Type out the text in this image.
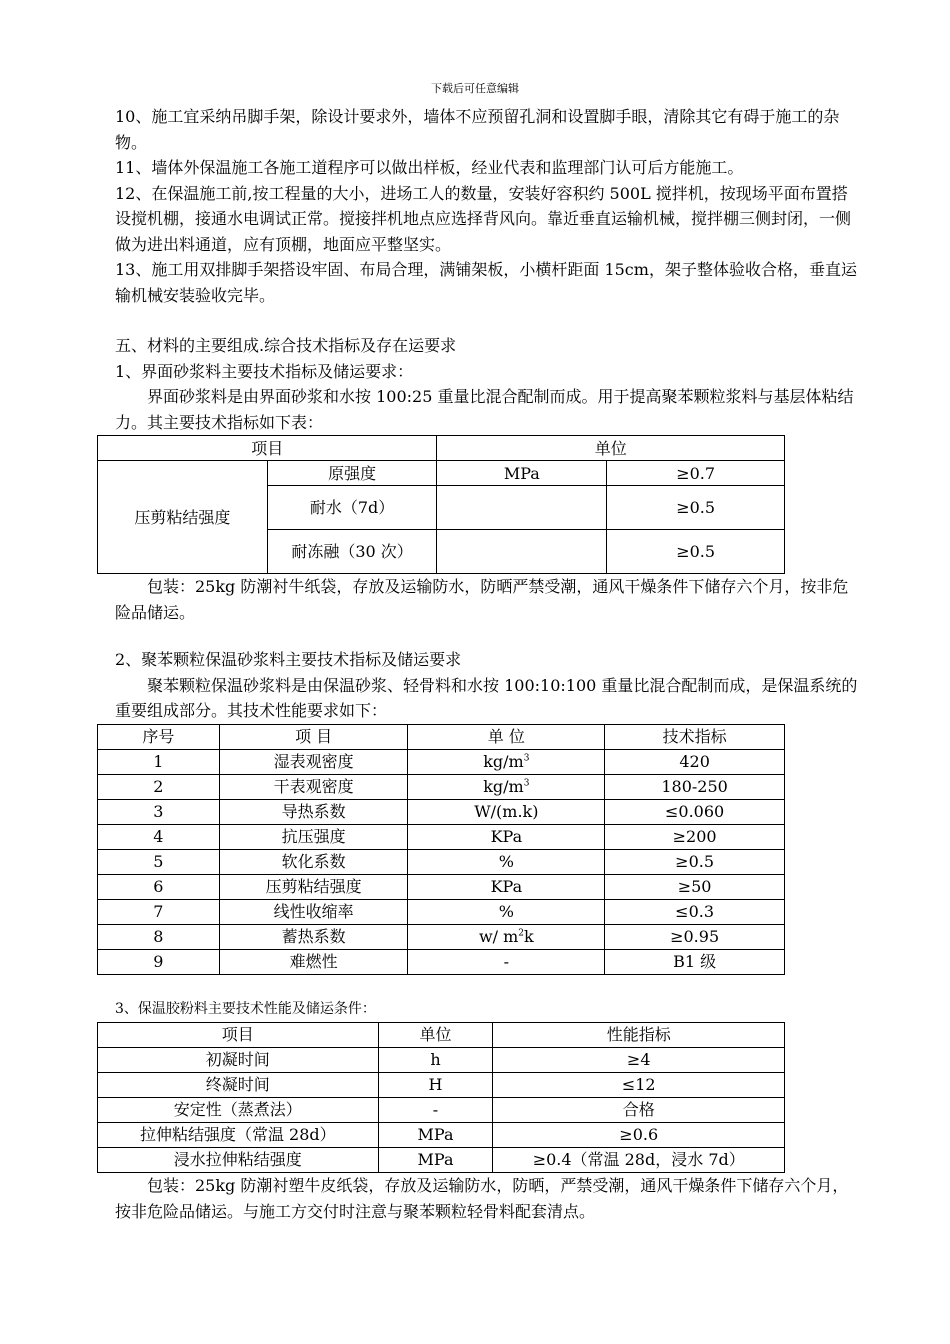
下载后可任意编辑

10、施工宜采纳吊脚手架，除设计要求外，墙体不应预留孔洞和设置脚手眼，清除其它有碍于施工的杂物。

11、墙体外保温施工各施工道程序可以做出样板，经业代表和监理部门认可后方能施工。

12、在保温施工前,按工程量的大小，进场工人的数量，安装好容积约 500L 搅拌机，按现场平面布置搭设搅机棚，接通水电调试正常。搅接拌机地点应选择背风向。靠近垂直运输机械，搅拌棚三侧封闭，一侧做为进出料通道，应有顶棚，地面应平整坚实。

13、施工用双排脚手架搭设牢固、布局合理，满铺架板，小横杆距面 15cm，架子整体验收合格，垂直运输机械安装验收完毕。

五、材料的主要组成.综合技术指标及存在运要求

1、界面砂浆料主要技术指标及储运要求：

界面砂浆料是由界面砂浆和水按 100:25 重量比混合配制而成。用于提高聚苯颗粒浆料与基层体粘结力。其主要技术指标如下表：

项目		单位	
压剪粘结强度	原强度	MPa	≥0.7
	耐水（7d）		≥0.5
	耐冻融（30 次）		≥0.5

包装：25kg 防潮衬牛纸袋，存放及运输防水，防晒严禁受潮，通风干燥条件下储存六个月，按非危险品储运。

2、聚苯颗粒保温砂浆料主要技术指标及储运要求

聚苯颗粒保温砂浆料是由保温砂浆、轻骨料和水按 100:10:100 重量比混合配制而成，是保温系统的重要组成部分。其技术性能要求如下：

序号	项 目	单 位	技术指标
1	湿表观密度	$kg/m^3$	420
2	干表观密度	$kg/m^3$	180-250
3	导热系数	W/(m.k)	≤0.060
4	抗压强度	KPa	≥200
5	软化系数	%	≥0.5
6	压剪粘结强度	KPa	≥50
7	线性收缩率	%	≤0.3
8	蓄热系数	w/ $m^2k$	≥0.95
9	难燃性	-	B1 级

3、保温胶粉料主要技术性能及储运条件：

项目	单位	性能指标
初凝时间	h	≥4
终凝时间	H	≤12
安定性（蒸煮法）	-	合格
拉伸粘结强度（常温 28d）	MPa	≥0.6
浸水拉伸粘结强度	MPa	≥0.4（常温 28d，浸水 7d）

包装：25kg 防潮衬塑牛皮纸袋，存放及运输防水，防晒，严禁受潮，通风干燥条件下储存六个月，按非危险品储运。与施工方交付时注意与聚苯颗粒轻骨料配套清点。
